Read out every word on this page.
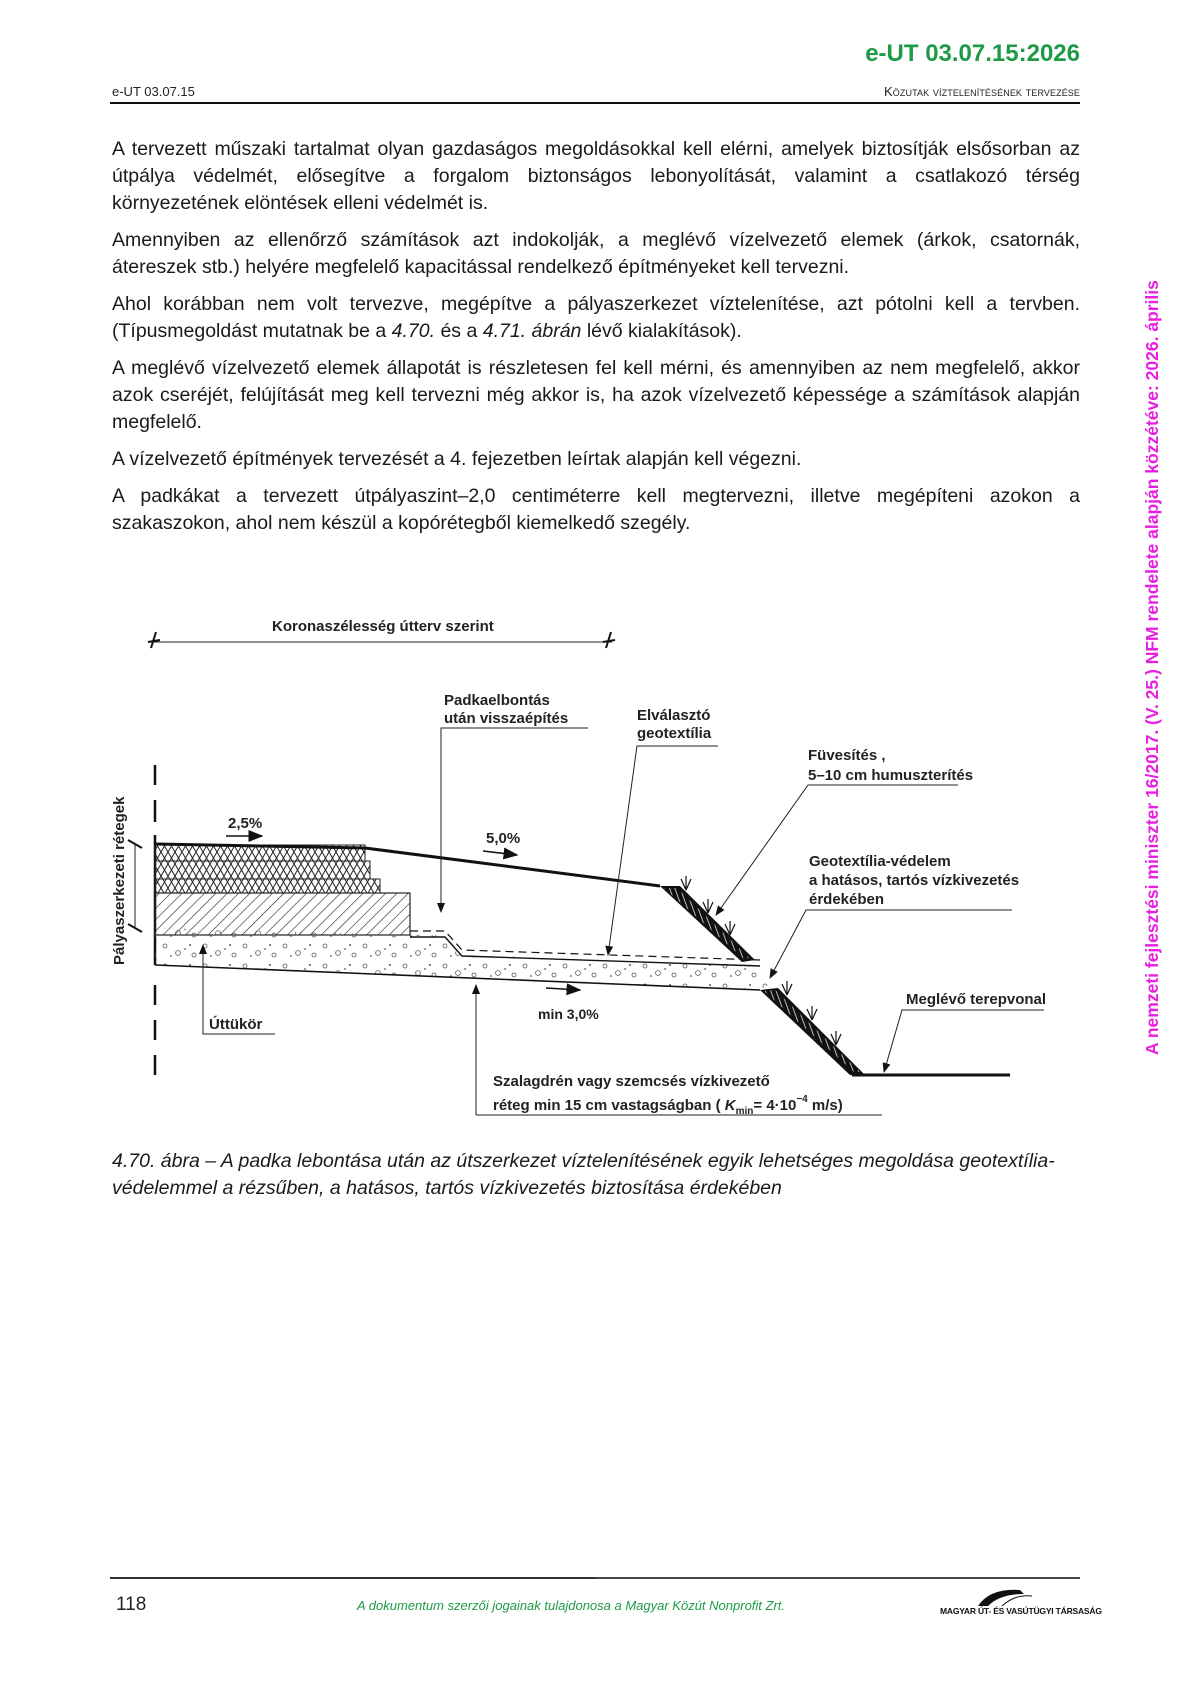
e-UT 03.07.15:2026
e-UT 03.07.15	Közutak víztelenítésének tervezése

A tervezett műszaki tartalmat olyan gazdaságos megoldásokkal kell elérni, amelyek biztosítják elsősorban az útpálya védelmét, elősegítve a forgalom biztonságos lebonyolítását, valamint a csatlakozó térség környezetének elöntések elleni védelmét is.

Amennyiben az ellenőrző számítások azt indokolják, a meglévő vízelvezető elemek (árkok, csatornák, átereszek stb.) helyére megfelelő kapacitással rendelkező építményeket kell tervezni.

Ahol korábban nem volt tervezve, megépítve a pályaszerkezet víztelenítése, azt pótolni kell a tervben. (Típusmegoldást mutatnak be a 4.70. és a 4.71. ábrán lévő kialakítások).

A meglévő vízelvezető elemek állapotát is részletesen fel kell mérni, és amennyiben az nem megfelelő, akkor azok cseréjét, felújítását meg kell tervezni még akkor is, ha azok vízelvezető képessége a számítások alapján megfelelő.

A vízelvezető építmények tervezését a 4. fejezetben leírtak alapján kell végezni.

A padkákat a tervezett útpályaszint–2,0 centiméterre kell megtervezni, illetve megépíteni azokon a szakaszokon, ahol nem készül a kopórétegből kiemelkedő szegély.

Koronaszélesség útterv szerint
Pályaszerkezeti rétegek	2,5%
5,0%
min 3,0%
Padkaelbontás
után visszaépítés	Elválasztó
geotextília
Füvesítés ,
5–10 cm humuszterítés
Geotextília-védelem
a hatásos, tartós vízkivezetés
érdekében
Meglévő terepvonal
Úttükör
Szalagdrén vagy szemcsés vízkivezető
réteg min 15 cm vastagságban ( $K_{min}= 4\cdot 10^{-4}$ m/s)
4.70. ábra – A padka lebontása után az útszerkezet víztelenítésének egyik lehetséges megoldása geotextília-védelemmel a rézsűben, a hatásos, tartós vízkivezetés biztosítása érdekében
118	A dokumentum szerzői jogainak tulajdonosa a Magyar Közút Nonprofit Zrt.	MAGYAR ÚT- ÉS VASÚTÜGYI TÁRSASÁG
A nemzeti fejlesztési miniszter 16/2017. (V. 25.) NFM rendelete alapján közzétéve: 2026. április
